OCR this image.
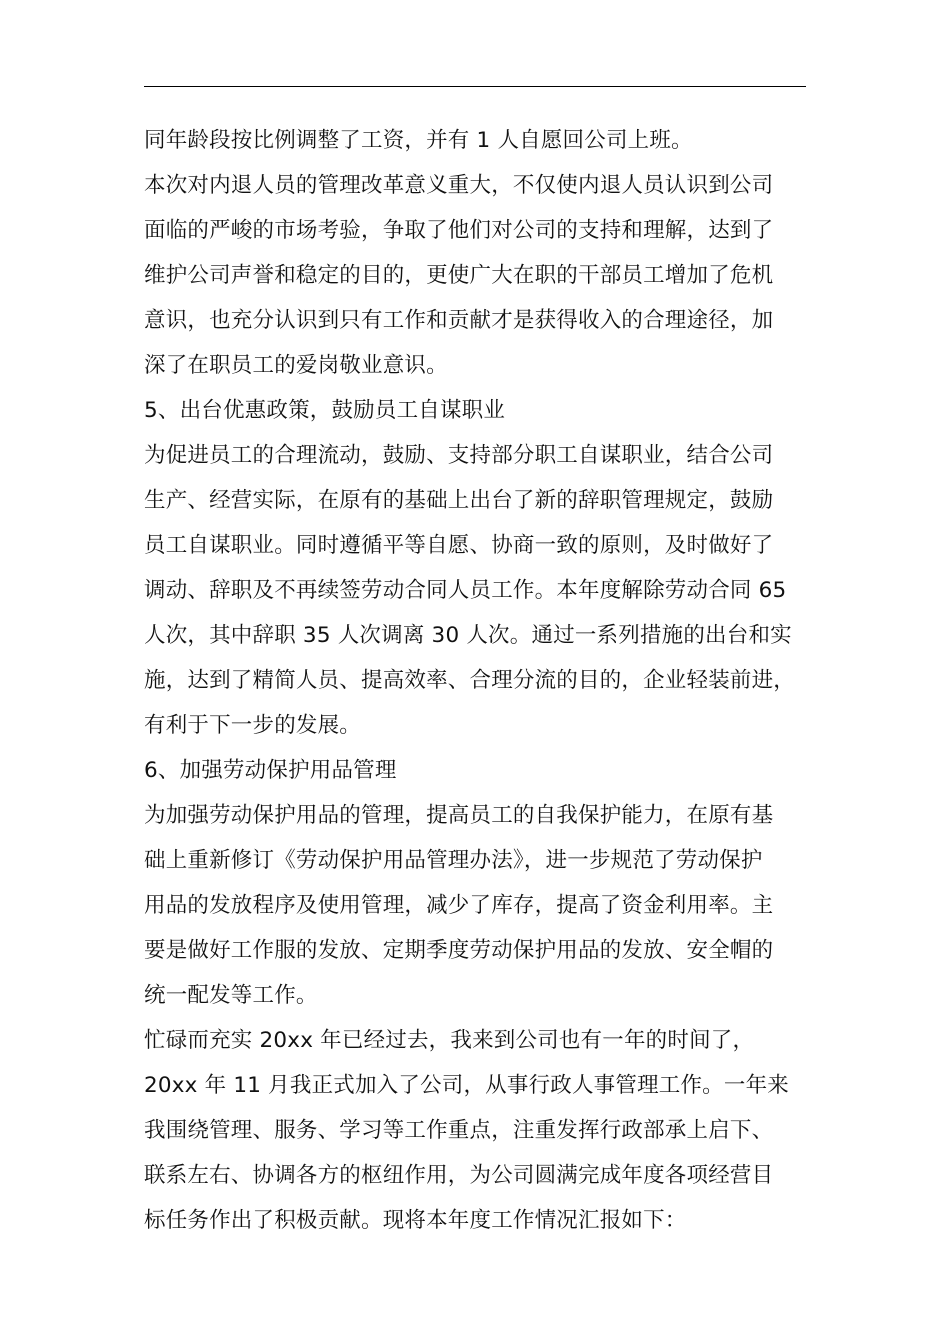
同年龄段按比例调整了工资，并有 1 人自愿回公司上班。
本次对内退人员的管理改革意义重大，不仅使内退人员认识到公司
面临的严峻的市场考验，争取了他们对公司的支持和理解，达到了
维护公司声誉和稳定的目的，更使广大在职的干部员工增加了危机
意识，也充分认识到只有工作和贡献才是获得收入的合理途径，加
深了在职员工的爱岗敬业意识。
5、出台优惠政策，鼓励员工自谋职业
为促进员工的合理流动，鼓励、支持部分职工自谋职业，结合公司
生产、经营实际，在原有的基础上出台了新的辞职管理规定，鼓励
员工自谋职业。同时遵循平等自愿、协商一致的原则，及时做好了
调动、辞职及不再续签劳动合同人员工作。本年度解除劳动合同 65
人次，其中辞职 35 人次调离 30 人次。通过一系列措施的出台和实
施，达到了精简人员、提高效率、合理分流的目的，企业轻装前进，
有利于下一步的发展。
6、加强劳动保护用品管理
为加强劳动保护用品的管理，提高员工的自我保护能力，在原有基
础上重新修订《劳动保护用品管理办法》，进一步规范了劳动保护
用品的发放程序及使用管理，减少了库存，提高了资金利用率。主
要是做好工作服的发放、定期季度劳动保护用品的发放、安全帽的
统一配发等工作。
忙碌而充实 20xx 年已经过去，我来到公司也有一年的时间了，
20xx 年 11 月我正式加入了公司，从事行政人事管理工作。一年来
我围绕管理、服务、学习等工作重点，注重发挥行政部承上启下、
联系左右、协调各方的枢纽作用，为公司圆满完成年度各项经营目
标任务作出了积极贡献。现将本年度工作情况汇报如下：
